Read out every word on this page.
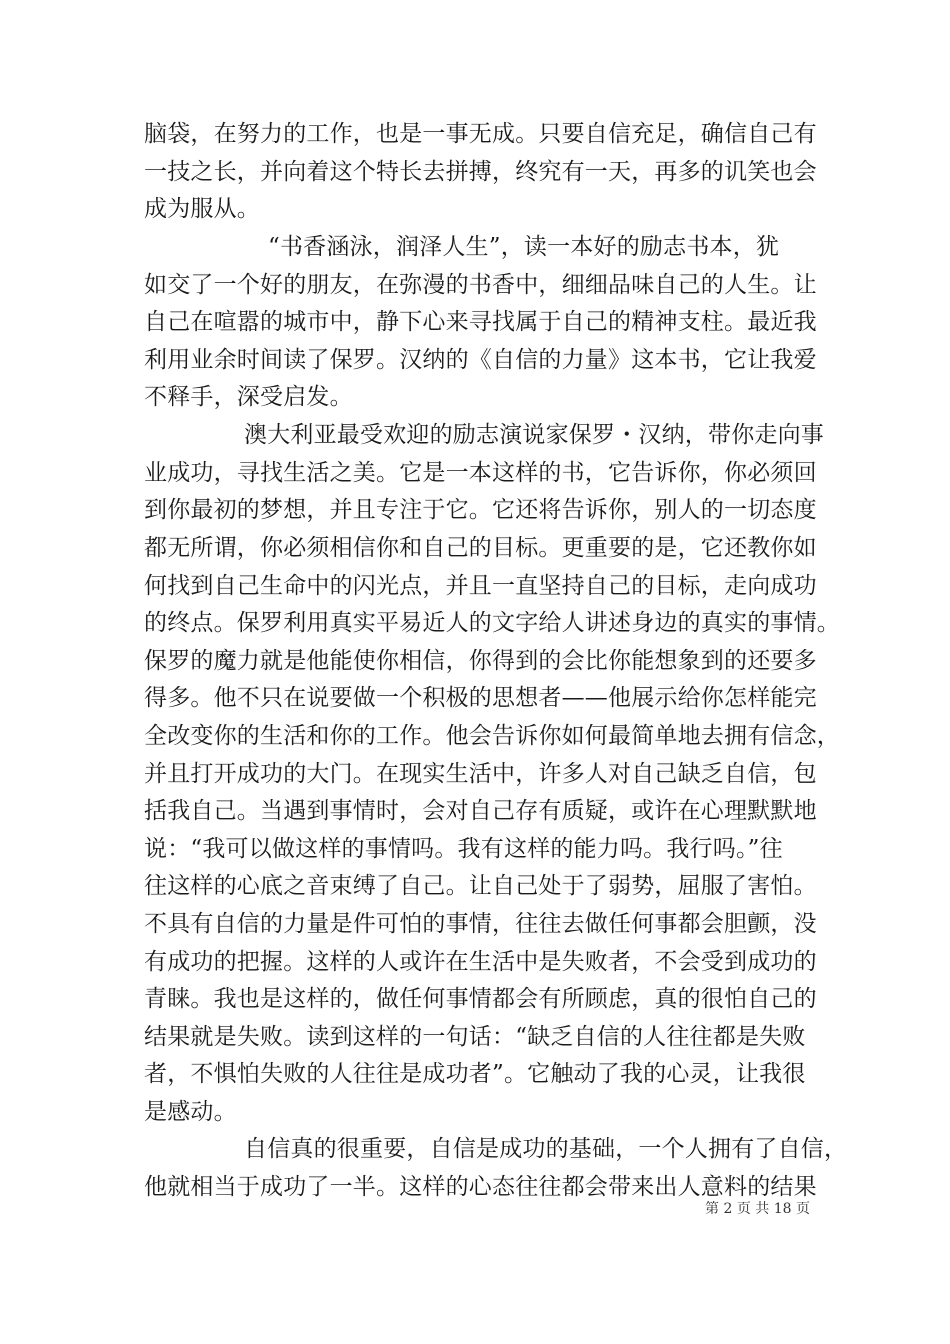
脑袋，在努力的工作，也是一事无成。只要自信充足，确信自己有
一技之长，并向着这个特长去拼搏，终究有一天，再多的讥笑也会
成为服从。
“书香涵泳，润泽人生”，读一本好的励志书本，犹
如交了一个好的朋友，在弥漫的书香中，细细品味自己的人生。让
自己在喧嚣的城市中，静下心来寻找属于自己的精神支柱。最近我
利用业余时间读了保罗。汉纳的《自信的力量》这本书，它让我爱
不释手，深受启发。
澳大利亚最受欢迎的励志演说家保罗・汉纳，带你走向事
业成功，寻找生活之美。它是一本这样的书，它告诉你，你必须回
到你最初的梦想，并且专注于它。它还将告诉你，别人的一切态度
都无所谓，你必须相信你和自己的目标。更重要的是，它还教你如
何找到自己生命中的闪光点，并且一直坚持自己的目标，走向成功
的终点。保罗利用真实平易近人的文字给人讲述身边的真实的事情。
保罗的魔力就是他能使你相信，你得到的会比你能想象到的还要多
得多。他不只在说要做一个积极的思想者——他展示给你怎样能完
全改变你的生活和你的工作。他会告诉你如何最简单地去拥有信念，
并且打开成功的大门。在现实生活中，许多人对自己缺乏自信，包
括我自己。当遇到事情时，会对自己存有质疑，或许在心理默默地
说：“我可以做这样的事情吗。我有这样的能力吗。我行吗。”往
往这样的心底之音束缚了自己。让自己处于了弱势，屈服了害怕。
不具有自信的力量是件可怕的事情，往往去做任何事都会胆颤，没
有成功的把握。这样的人或许在生活中是失败者，不会受到成功的
青睐。我也是这样的，做任何事情都会有所顾虑，真的很怕自己的
结果就是失败。读到这样的一句话：“缺乏自信的人往往都是失败
者，不惧怕失败的人往往是成功者”。它触动了我的心灵，让我很
是感动。
自信真的很重要，自信是成功的基础，一个人拥有了自信，
他就相当于成功了一半。这样的心态往往都会带来出人意料的结果
第 2 页 共 18 页
